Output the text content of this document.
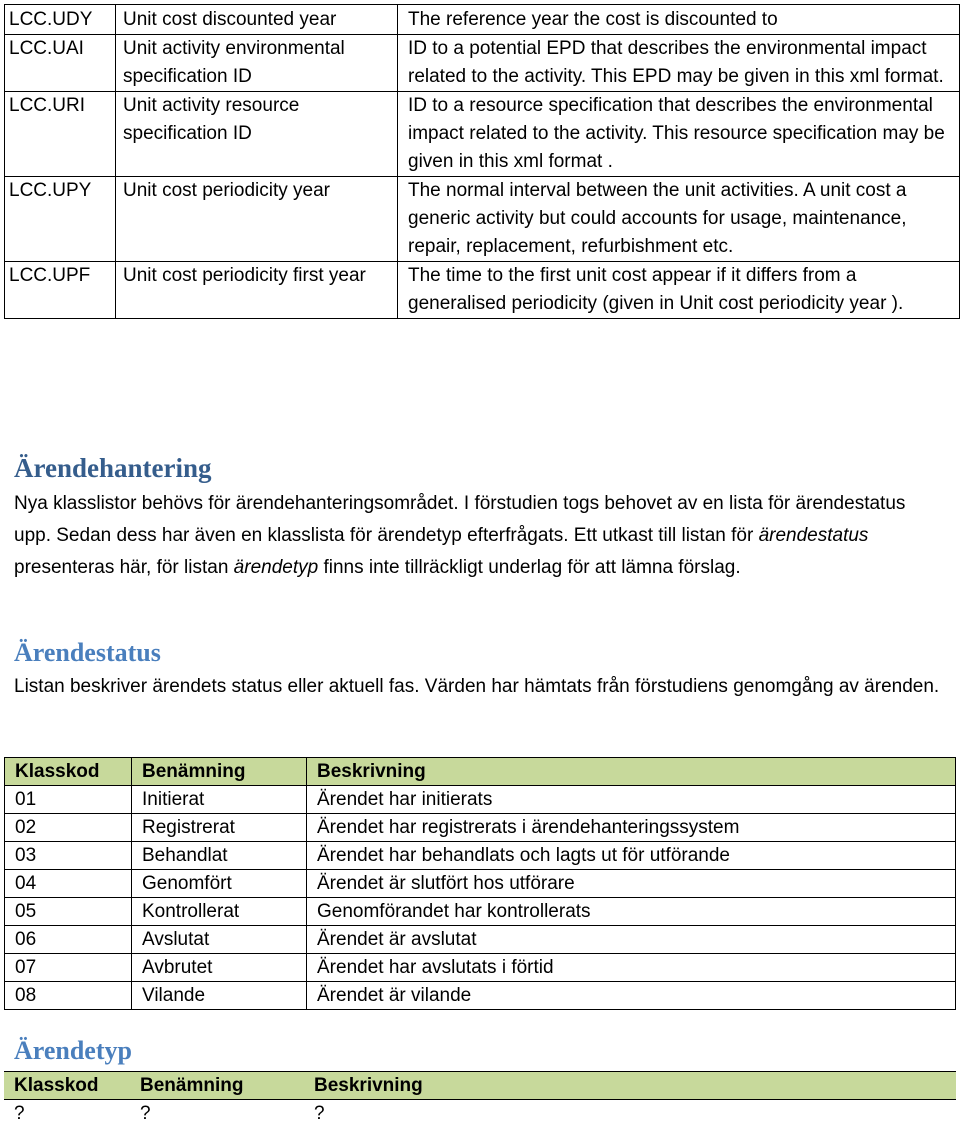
LCC.UDY	Unit cost discounted year	The reference year the cost is discounted to
LCC.UAI	Unit activity environmental specification ID	ID to a potential EPD that describes the environmental impact related to the activity. This EPD may be given in this xml format.
LCC.URI	Unit activity resource specification ID	ID to a resource specification that describes the environmental impact related to the activity. This resource specification may be given in this xml format .
LCC.UPY	Unit cost periodicity year	The normal interval between the unit activities. A unit cost a generic activity but could accounts for usage, maintenance, repair, replacement, refurbishment etc.
LCC.UPF	Unit cost periodicity first year	The time to the first unit cost appear if it differs from a generalised periodicity (given in Unit cost periodicity year ).
Ärendehantering

Nya klasslistor behövs för ärendehanteringsområdet. I förstudien togs behovet av en lista för ärendestatus upp. Sedan dess har även en klasslista för ärendetyp efterfrågats. Ett utkast till listan för ärendestatus presenteras här, för listan ärendetyp finns inte tillräckligt underlag för att lämna förslag.

Ärendestatus

Listan beskriver ärendets status eller aktuell fas. Värden har hämtats från förstudiens genomgång av ärenden.

Klasskod	Benämning	Beskrivning
01	Initierat	Ärendet har initierats
02	Registrerat	Ärendet har registrerats i ärendehanteringssystem
03	Behandlat	Ärendet har behandlats och lagts ut för utförande
04	Genomfört	Ärendet är slutfört hos utförare
05	Kontrollerat	Genomförandet har kontrollerats
06	Avslutat	Ärendet är avslutat
07	Avbrutet	Ärendet har avslutats i förtid
08	Vilande	Ärendet är vilande
Ärendetyp
Klasskod	Benämning	Beskrivning
?	?	?
